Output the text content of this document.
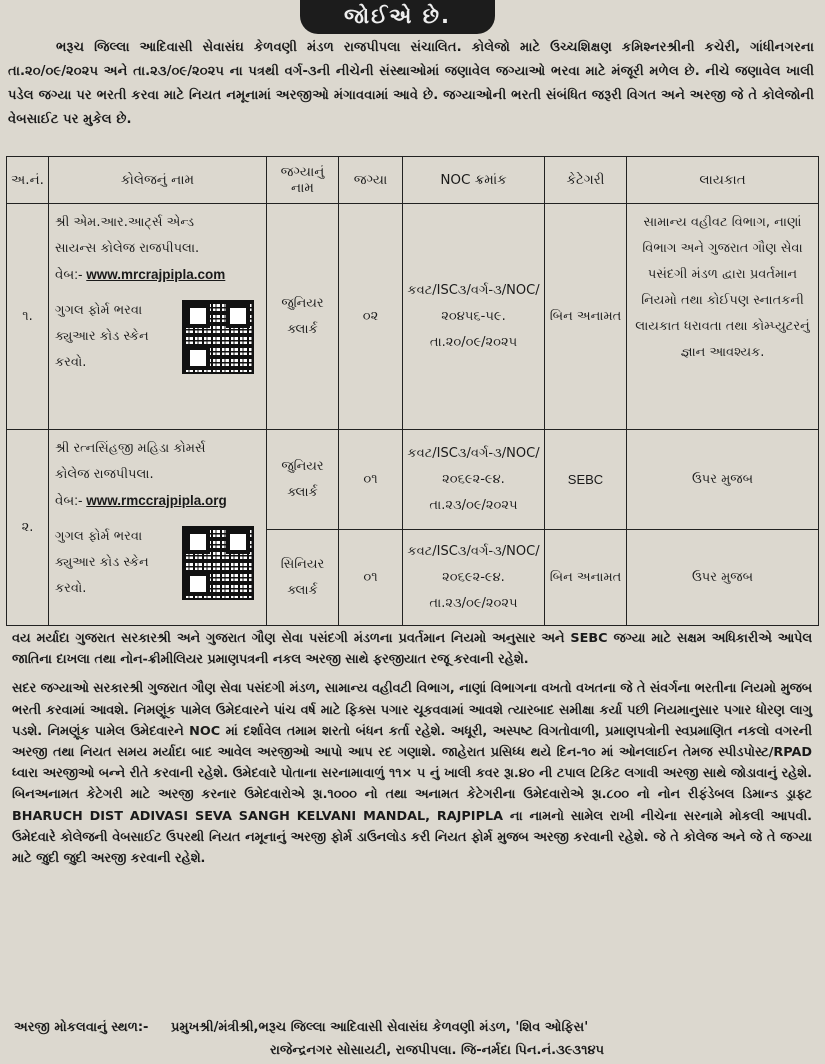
જોઈએ છે.

ભરૂચ જિલ્લા આદિવાસી સેવાસંઘ કેળવણી મંડળ રાજપીપલા સંચાલિત. કોલેજો માટે ઉચ્ચશિક્ષણ કમિશ્નરશ્રીની કચેરી, ગાંધીનગરના તા.૨૦/૦૯/૨૦૨૫ અને તા.૨૩/૦૯/૨૦૨૫ ના પત્રથી વર્ગ-૩ની નીચેની સંસ્થાઓમાં જણાવેલ જગ્યાઓ ભરવા માટે મંજૂરી મળેલ છે. નીચે જણાવેલ ખાલી પડેલ જગ્યા પર ભરતી કરવા માટે નિયત નમૂનામાં અરજીઓ મંગાવવામાં આવે છે. જગ્યાઓની ભરતી સંબંધિત જરૂરી વિગત અને અરજી જે તે કોલેજોની વેબસાઈટ પર મુકેલ છે.

અ.નં.	કોલેજનું નામ	જગ્યાનું નામ	જગ્યા	NOC ક્રમાંક	કેટેગરી	લાયકાત
૧.	શ્રી એમ.આર.આર્ટ્સ એન્ડ
સાયન્સ કોલેજ રાજપીપલા.
વેબ:- www.mrcrajpipla.com
ગુગલ ફોર્મ ભરવા ક્યુઆર કોડ સ્કેન કરવો.	જુનિયર ક્લાર્ક	૦૨	કવટ/ISC૩/વર્ગ-૩/NOC/૨૦૪૫૬-૫૯. તા.૨૦/૦૯/૨૦૨૫	બિન અનામત	સામાન્ય વહીવટ વિભાગ, નાણાં વિભાગ અને ગુજરાત ગૌણ સેવા પસંદગી મંડળ દ્વારા પ્રવર્તમાન નિયમો તથા કોઈપણ સ્નાતકની લાયકાત ધરાવતા તથા કોમ્પ્યુટરનું જ્ઞાન આવશ્યક.
૨.	શ્રી રત્નસિંહજી મહિડા કોમર્સ
કોલેજ રાજપીપલા.
વેબ:- www.rmccrajpipla.org
ગુગલ ફોર્મ ભરવા ક્યુઆર કોડ સ્કેન કરવો.	જુનિયર ક્લાર્ક	૦૧	કવટ/ISC૩/વર્ગ-૩/NOC/૨૦૬૯૨-૯૪. તા.૨૩/૦૯/૨૦૨૫	SEBC	ઉપર મુજબ
		સિનિયર ક્લાર્ક	૦૧	કવટ/ISC૩/વર્ગ-૩/NOC/૨૦૬૯૨-૯૪. તા.૨૩/૦૯/૨૦૨૫	બિન અનામત	ઉપર મુજબ

વય મર્યાદા ગુજરાત સરકારશ્રી અને ગુજરાત ગૌણ સેવા પસંદગી મંડળના પ્રવર્તમાન નિયમો અનુસાર અને SEBC જગ્યા માટે સક્ષમ અધિકારીએ આપેલ જાતિના દાખલા તથા નોન-ક્રીમીલિયર પ્રમાણપત્રની નકલ અરજી સાથે ફરજીયાત રજૂ કરવાની રહેશે.

સદર જગ્યાઓ સરકારશ્રી ગુજરાત ગૌણ સેવા પસંદગી મંડળ, સામાન્ય વહીવટી વિભાગ, નાણાં વિભાગના વખતો વખતના જે તે સંવર્ગના ભરતીના નિયમો મુજબ ભરતી કરવામાં આવશે. નિમણૂંક પામેલ ઉમેદવારને પાંચ વર્ષ માટે ફિક્સ પગાર ચૂકવવામાં આવશે ત્યારબાદ સમીક્ષા કર્યા પછી નિયમાનુસાર પગાર ધોરણ લાગુ પડશે. નિમણૂંક પામેલ ઉમેદવારને NOC માં દર્શાવેલ તમામ શરતો બંધન કર્તા રહેશે. અધૂરી, અસ્પષ્ટ વિગતોવાળી, પ્રમાણપત્રોની સ્વપ્રમાણિત નકલો વગરની અરજી તથા નિયત સમય મર્યાદા બાદ આવેલ અરજીઓ આપો આપ રદ ગણાશે. જાહેરાત પ્રસિધ્ધ થયે દિન-૧૦ માં ઓનલાઈન તેમજ સ્પીડપોસ્ટ/RPAD ધ્વારા અરજીઓ બન્ને રીતે કરવાની રહેશે. ઉમેદવારે પોતાના સરનામાવાળું ૧૧× ૫ નું ખાલી કવર રૂા.૪૦ ની ટપાલ ટિકિટ લગાવી અરજી સાથે જોડાવાનું રહેશે. બિનઅનામત કેટેગરી માટે અરજી કરનાર ઉમેદવારોએ રૂા.૧૦૦૦ નો તથા અનામત કેટેગરીના ઉમેદવારોએ રૂા.૮૦૦ નો નોન રીફંડેબલ ડિમાન્ડ ડ્રાફ્ટ BHARUCH DIST ADIVASI SEVA SANGH KELVANI MANDAL, RAJPIPLA ના નામનો સામેલ રાખી નીચેના સરનામે મોકલી આપવી. ઉમેદવારે કોલેજની વેબસાઈટ ઉપરથી નિયત નમૂનાનું અરજી ફોર્મ ડાઉનલોડ કરી નિયત ફોર્મ મુજબ અરજી કરવાની રહેશે. જે તે કોલેજ અને જે તે જગ્યા માટે જુદી જુદી અરજી કરવાની રહેશે.

અરજી મોકલવાનું સ્થળ:- પ્રમુખશ્રી/મંત્રીશ્રી,ભરૂચ જિલ્લા આદિવાસી સેવાસંઘ કેળવણી મંડળ, 'શિવ ઓફિસ'
રાજેન્દ્રનગર સોસાયટી, રાજપીપલા. જિ-નર્મદા પિન.નં.૩૯૩૧૪૫
